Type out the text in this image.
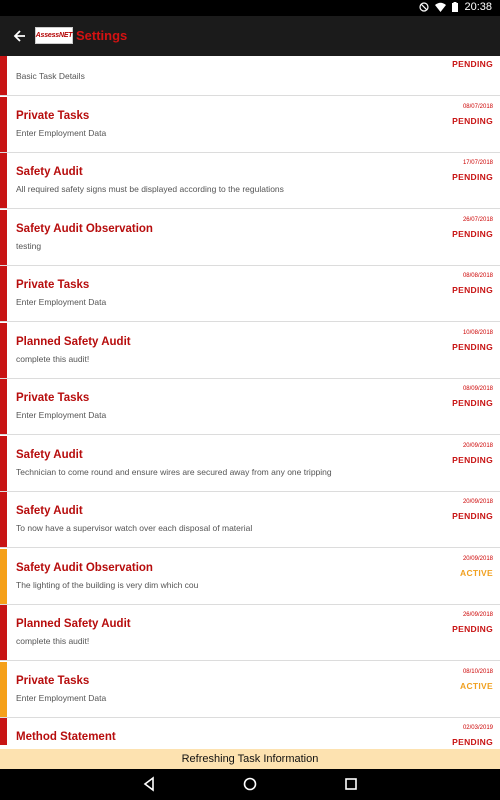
20:38
AssessNET Settings
Basic Task Details
PENDING
Private Tasks
Enter Employment Data
08/07/2018
PENDING
Safety Audit
All required safety signs must be displayed according to the regulations
17/07/2018
PENDING
Safety Audit Observation
testing
26/07/2018
PENDING
Private Tasks
Enter Employment Data
08/08/2018
PENDING
Planned Safety Audit
complete this audit!
10/08/2018
PENDING
Private Tasks
Enter Employment Data
08/09/2018
PENDING
Safety Audit
Technician to come round and ensure wires are secured away from any one tripping
20/09/2018
PENDING
Safety Audit
To now have a supervisor watch over each disposal of material
20/09/2018
PENDING
Safety Audit Observation
The lighting of the building is very dim which cou
20/09/2018
ACTIVE
Planned Safety Audit
complete this audit!
26/09/2018
PENDING
Private Tasks
Enter Employment Data
08/10/2018
ACTIVE
Method Statement
02/03/2019
PENDING
Refreshing Task Information
